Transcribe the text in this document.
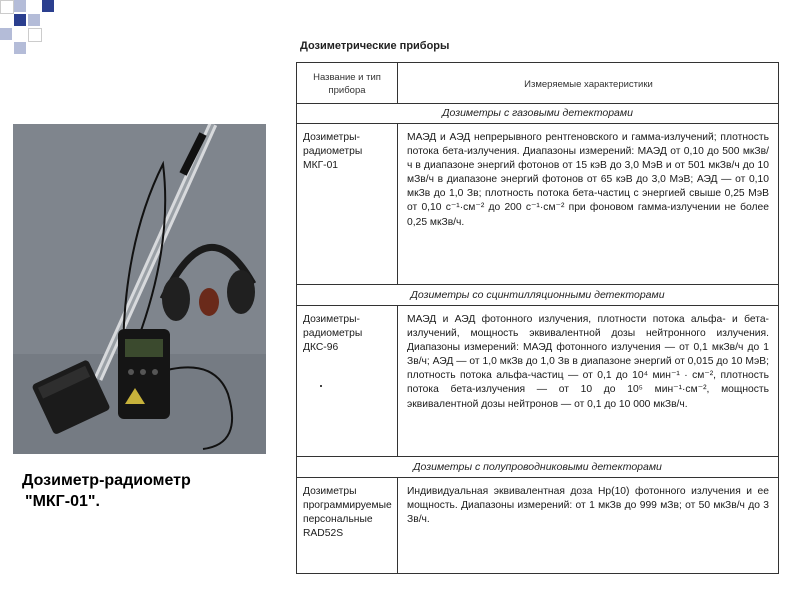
Дозиметр-радиометр
"МКГ-01".
Дозиметрические приборы
Название и тип прибора
Измеряемые характеристики
Дозиметры с газовыми детекторами
Дозиметры-радиометры МКГ-01
МАЭД и АЭД непрерывного рентгеновского и гамма-излучений; плотность потока бета-излучения. Диапазоны измерений: МАЭД от 0,10 до 500 мкЗв/ч в диапазоне энергий фотонов от 15 кэВ до 3,0 МэВ и от 501 мкЗв/ч до 10 мЗв/ч в диапазоне энергий фотонов от 65 кэВ до 3,0 МэВ; АЭД — от 0,10 мкЗв до 1,0 Зв; плотность потока бета-частиц с энергией свыше 0,25 МэВ от 0,10 с⁻¹·см⁻² до 200 с⁻¹·см⁻² при фоновом гамма-излучении не более 0,25 мкЗв/ч.
Дозиметры со сцинтилляционными детекторами
Дозиметры-радиометры ДКС-96
МАЭД и АЭД фотонного излучения, плотности потока альфа- и бета-излучений, мощность эквивалентной дозы нейтронного излучения. Диапазоны измерений: МАЭД фотонного излучения — от 0,1 мкЗв/ч до 1 Зв/ч; АЭД — от 1,0 мкЗв до 1,0 Зв в диапазоне энергий от 0,015 до 10 МэВ; плотность потока альфа-частиц — от 0,1 до 10⁴ мин⁻¹ · см⁻², плотность потока бета-излучения — от 10 до 10⁵ мин⁻¹·см⁻², мощность эквивалентной дозы нейтронов — от 0,1 до 10 000 мкЗв/ч.
Дозиметры с полупроводниковыми детекторами
Дозиметры программируемые персональные RAD52S
Индивидуальная эквивалентная доза Hp(10) фотонного излучения и ее мощность. Диапазоны измерений: от 1 мкЗв до 999 мЗв; от 50 мкЗв/ч до 3 Зв/ч.
